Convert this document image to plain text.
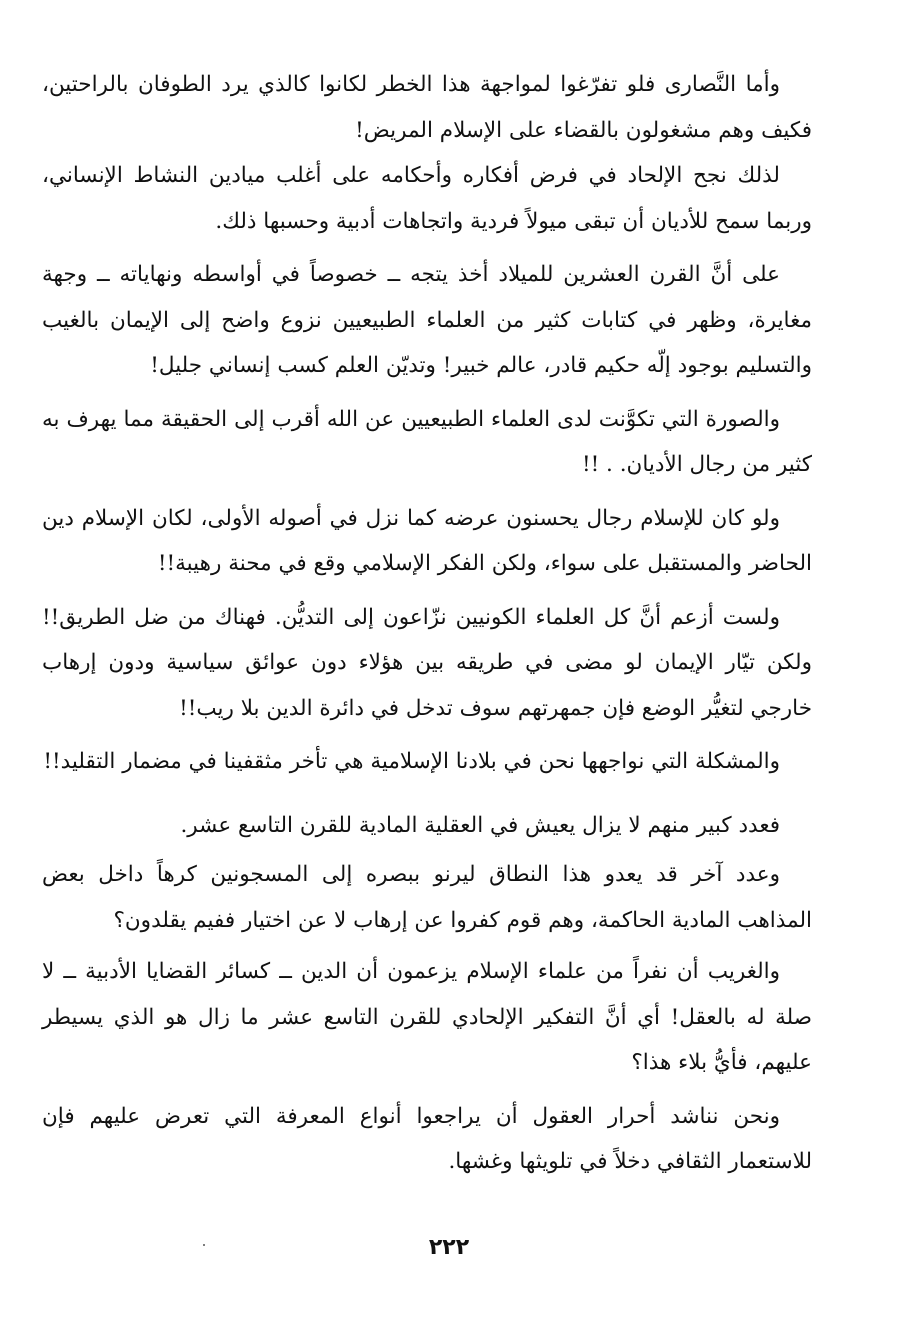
وأما النَّصارى فلو تفرّغوا لمواجهة هذا الخطر لكانوا كالذي يرد الطوفان بالراحتين، فكيف وهم مشغولون بالقضاء على الإسلام المريض!

لذلك نجح الإلحاد في فرض أفكاره وأحكامه على أغلب ميادين النشاط الإنساني، وربما سمح للأديان أن تبقى ميولاً فردية واتجاهات أدبية وحسبها ذلك.

على أنَّ القرن العشرين للميلاد أخذ يتجه ــ خصوصاً في أواسطه ونهاياته ــ وجهة مغايرة، وظهر في كتابات كثير من العلماء الطبيعيين نزوع واضح إلى الإيمان بالغيب والتسليم بوجود إلّه حكيم قادر، عالم خبير! وتديّن العلم كسب إنساني جليل!

والصورة التي تكوَّنت لدى العلماء الطبيعيين عن الله أقرب إلى الحقيقة مما يهرف به كثير من رجال الأديان. . !!

ولو كان للإسلام رجال يحسنون عرضه كما نزل في أصوله الأولى، لكان الإسلام دين الحاضر والمستقبل على سواء، ولكن الفكر الإسلامي وقع في محنة رهيبة!!

ولست أزعم أنَّ كل العلماء الكونيين نزّاعون إلى التديُّن. فهناك من ضل الطريق!! ولكن تيّار الإيمان لو مضى في طريقه بين هؤلاء دون عوائق سياسية ودون إرهاب خارجي لتغيُّر الوضع فإن جمهرتهم سوف تدخل في دائرة الدين بلا ريب!!

والمشكلة التي نواجهها نحن في بلادنا الإسلامية هي تأخر مثقفينا في مضمار التقليد!!

فعدد كبير منهم لا يزال يعيش في العقلية المادية للقرن التاسع عشر.

وعدد آخر قد يعدو هذا النطاق ليرنو ببصره إلى المسجونين كرهاً داخل بعض المذاهب المادية الحاكمة، وهم قوم كفروا عن إرهاب لا عن اختيار ففيم يقلدون؟

والغريب أن نفراً من علماء الإسلام يزعمون أن الدين ــ كسائر القضايا الأدبية ــ لا صلة له بالعقل! أي أنَّ التفكير الإلحادي للقرن التاسع عشر ما زال هو الذي يسيطر عليهم، فأيُّ بلاء هذا؟

ونحن نناشد أحرار العقول أن يراجعوا أنواع المعرفة التي تعرض عليهم فإن للاستعمار الثقافي دخلاً في تلويثها وغشها.

٢٢٢
